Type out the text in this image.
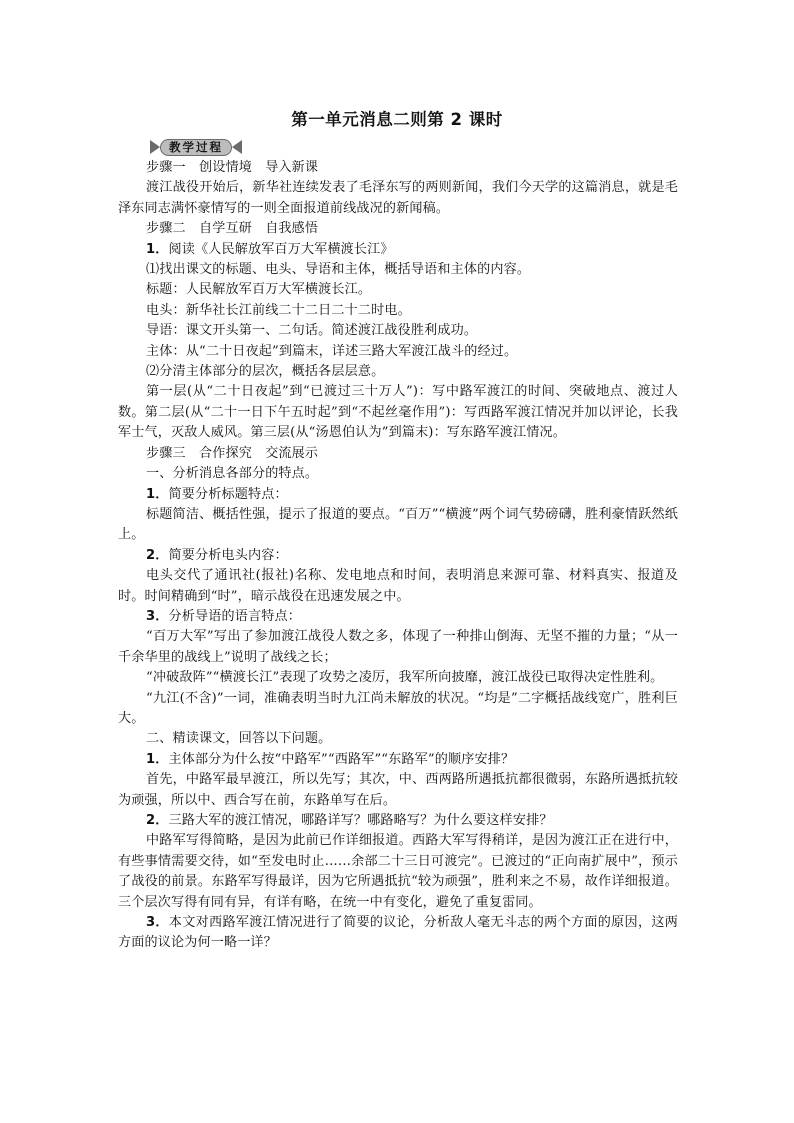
第一单元消息二则第 2 课时
教学过程

步骤一　创设情境　导入新课

渡江战役开始后，新华社连续发表了毛泽东写的两则新闻，我们今天学的这篇消息，就是毛泽东同志满怀豪情写的一则全面报道前线战况的新闻稿。

步骤二　自学互研　自我感悟

1．阅读《人民解放军百万大军横渡长江》

⑴找出课文的标题、电头、导语和主体，概括导语和主体的内容。

标题：人民解放军百万大军横渡长江。

电头：新华社长江前线二十二日二十二时电。

导语：课文开头第一、二句话。简述渡江战役胜利成功。

主体：从“二十日夜起”到篇末，详述三路大军渡江战斗的经过。

⑵分清主体部分的层次，概括各层层意。

第一层(从“二十日夜起”到“已渡过三十万人”)：写中路军渡江的时间、突破地点、渡过人数。第二层(从“二十一日下午五时起”到“不起丝毫作用”)：写西路军渡江情况并加以评论，长我军士气，灭敌人威风。第三层(从“汤恩伯认为”到篇末)：写东路军渡江情况。

步骤三　合作探究　交流展示

一、分析消息各部分的特点。

1．简要分析标题特点：

标题简洁、概括性强，提示了报道的要点。“百万”“横渡”两个词气势磅礴，胜利豪情跃然纸上。

2．简要分析电头内容：

电头交代了通讯社(报社)名称、发电地点和时间，表明消息来源可靠、材料真实、报道及时。时间精确到“时”，暗示战役在迅速发展之中。

3．分析导语的语言特点：

“百万大军”写出了参加渡江战役人数之多，体现了一种排山倒海、无坚不摧的力量；“从一千余华里的战线上”说明了战线之长；

“冲破敌阵”“横渡长江”表现了攻势之凌厉，我军所向披靡，渡江战役已取得决定性胜利。

“九江(不含)”一词，准确表明当时九江尚未解放的状况。“均是”二字概括战线宽广，胜利巨大。

二、精读课文，回答以下问题。

1．主体部分为什么按“中路军”“西路军”“东路军”的顺序安排？

首先，中路军最早渡江，所以先写；其次，中、西两路所遇抵抗都很微弱，东路所遇抵抗较为顽强，所以中、西合写在前，东路单写在后。

2．三路大军的渡江情况，哪路详写？哪路略写？为什么要这样安排？

中路军写得简略，是因为此前已作详细报道。西路大军写得稍详，是因为渡江正在进行中，有些事情需要交待，如“至发电时止……余部二十三日可渡完”。已渡过的“正向南扩展中”，预示了战役的前景。东路军写得最详，因为它所遇抵抗“较为顽强”，胜利来之不易，故作详细报道。三个层次写得有同有异，有详有略，在统一中有变化，避免了重复雷同。

3．本文对西路军渡江情况进行了简要的议论，分析敌人毫无斗志的两个方面的原因，这两方面的议论为何一略一详？
